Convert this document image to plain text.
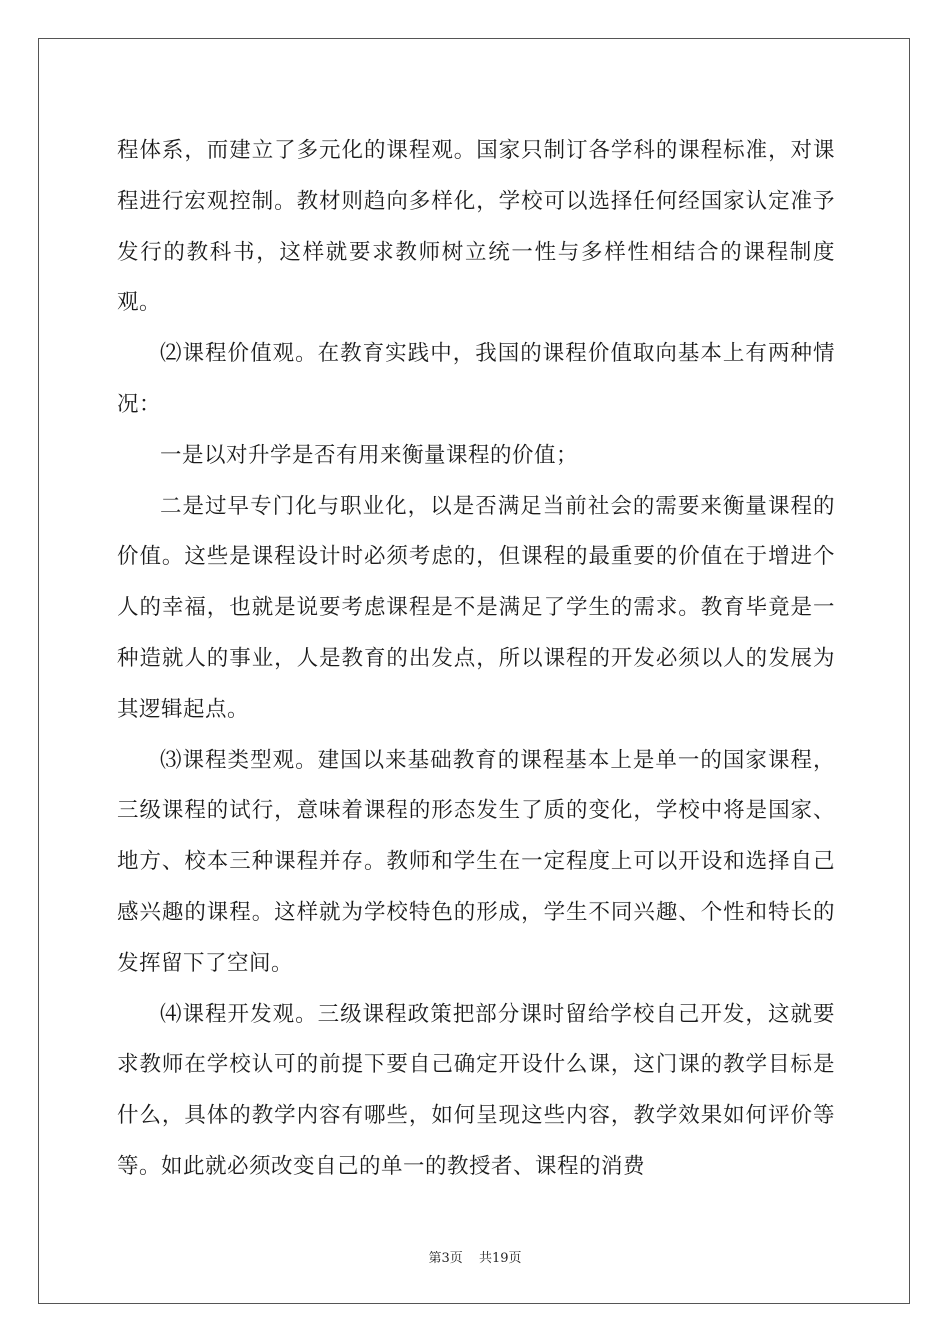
程体系，而建立了多元化的课程观。国家只制订各学科的课程标准，对课程进行宏观控制。教材则趋向多样化，学校可以选择任何经国家认定准予发行的教科书，这样就要求教师树立统一性与多样性相结合的课程制度观。

⑵课程价值观。在教育实践中，我国的课程价值取向基本上有两种情况：

一是以对升学是否有用来衡量课程的价值；

二是过早专门化与职业化，以是否满足当前社会的需要来衡量课程的价值。这些是课程设计时必须考虑的，但课程的最重要的价值在于增进个人的幸福，也就是说要考虑课程是不是满足了学生的需求。教育毕竟是一种造就人的事业，人是教育的出发点，所以课程的开发必须以人的发展为其逻辑起点。

⑶课程类型观。建国以来基础教育的课程基本上是单一的国家课程，三级课程的试行，意味着课程的形态发生了质的变化，学校中将是国家、地方、校本三种课程并存。教师和学生在一定程度上可以开设和选择自己感兴趣的课程。这样就为学校特色的形成，学生不同兴趣、个性和特长的发挥留下了空间。

⑷课程开发观。三级课程政策把部分课时留给学校自己开发，这就要求教师在学校认可的前提下要自己确定开设什么课，这门课的教学目标是什么，具体的教学内容有哪些，如何呈现这些内容，教学效果如何评价等等。如此就必须改变自己的单一的教授者、课程的消费

第3页 共19页
